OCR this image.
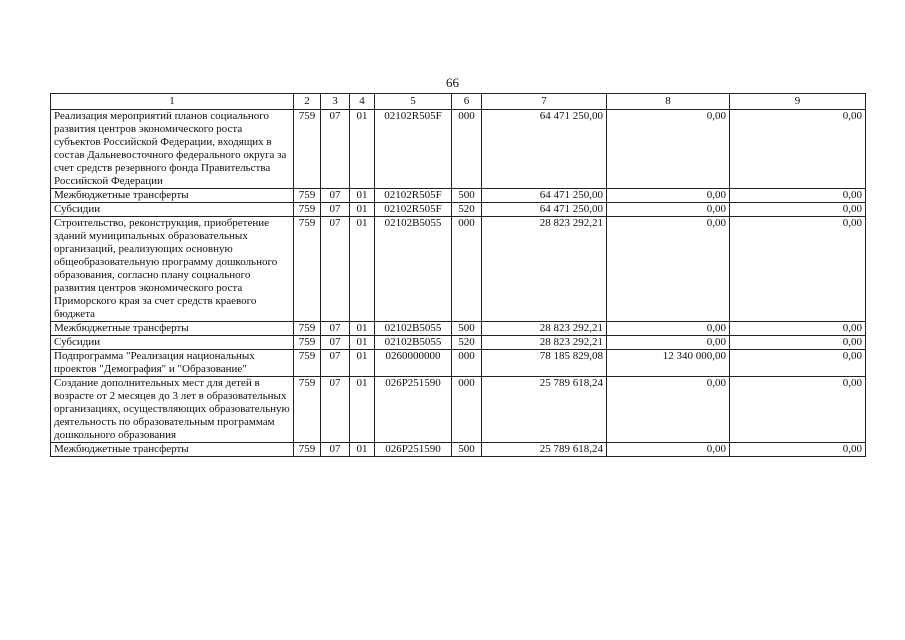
66
1	2	3	4	5	6	7	8	9
Реализация мероприятий планов социального развития центров экономического роста субъектов Российской Федерации, входящих в состав Дальневосточного федерального округа за счет средств резервного фонда Правительства Российской Федерации	759	07	01	02102R505F	000	64 471 250,00	0,00	0,00
Межбюджетные трансферты	759	07	01	02102R505F	500	64 471 250,00	0,00	0,00
Субсидии	759	07	01	02102R505F	520	64 471 250,00	0,00	0,00
Строительство, реконструкция, приобретение зданий муниципальных образовательных организаций, реализующих основную общеобразовательную программу дошкольного образования, согласно плану социального развития центров экономического роста Приморского края за счет средств краевого бюджета	759	07	01	02102В5055	000	28 823 292,21	0,00	0,00
Межбюджетные трансферты	759	07	01	02102В5055	500	28 823 292,21	0,00	0,00
Субсидии	759	07	01	02102В5055	520	28 823 292,21	0,00	0,00
Подпрограмма "Реализация национальных проектов "Демография" и "Образование"	759	07	01	0260000000	000	78 185 829,08	12 340 000,00	0,00
Создание дополнительных мест для детей в возрасте от 2 месяцев до 3 лет в образовательных организациях, осуществляющих образовательную деятельность по образовательным программам дошкольного образования	759	07	01	026P251590	000	25 789 618,24	0,00	0,00
Межбюджетные трансферты	759	07	01	026P251590	500	25 789 618,24	0,00	0,00
